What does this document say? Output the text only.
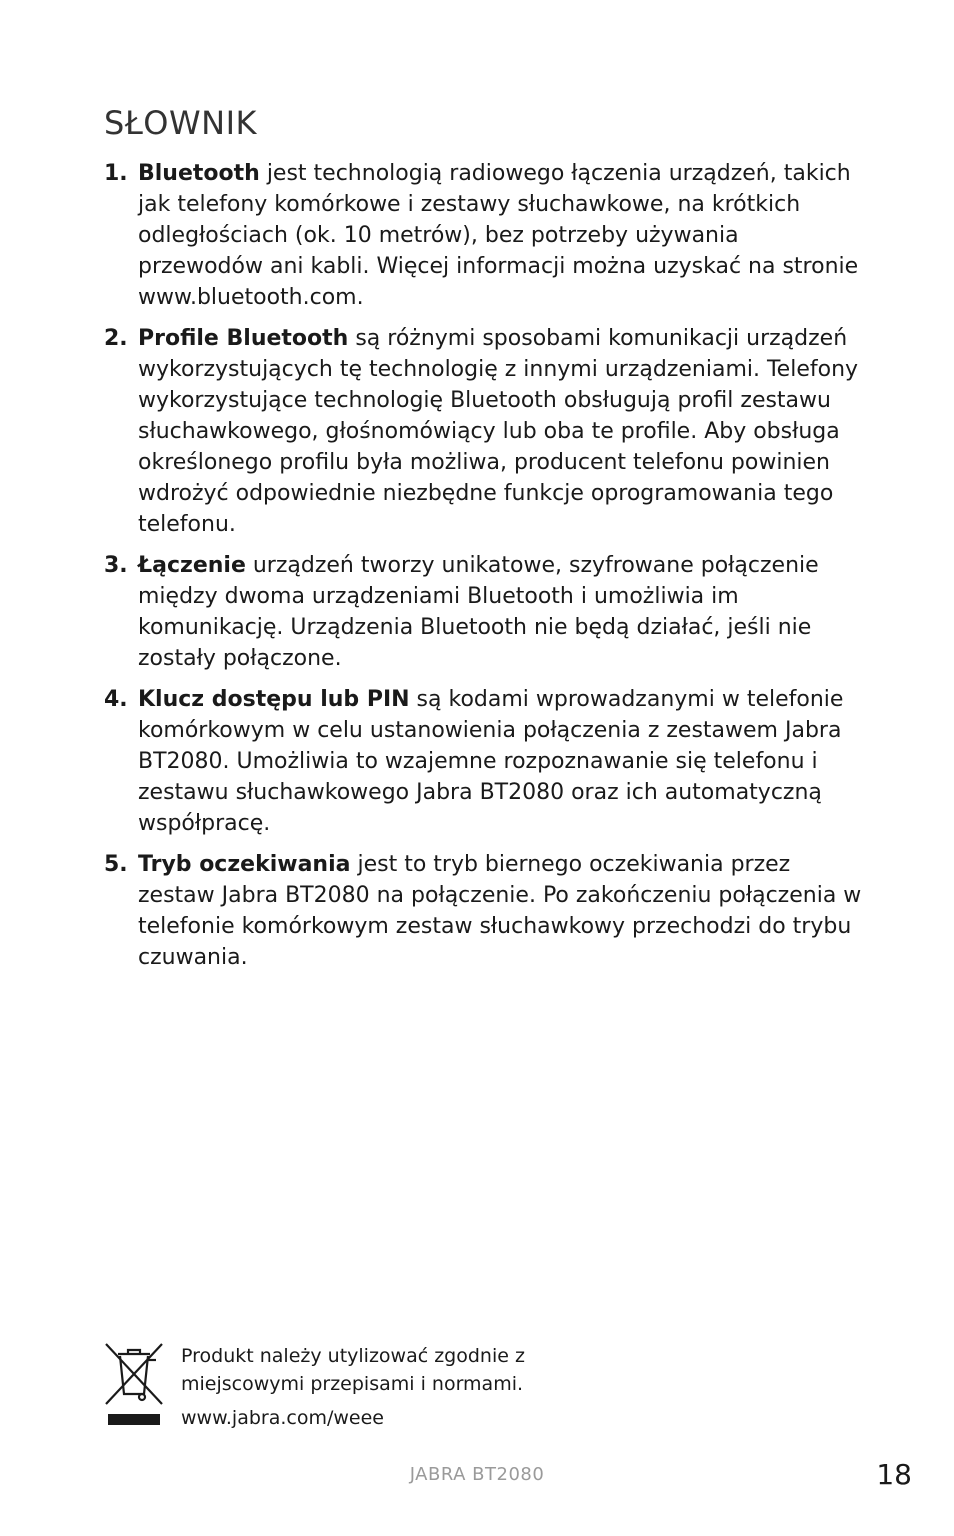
SŁOWNIK
1. Bluetooth jest technologią radiowego łączenia urządzeń, takich jak telefony komórkowe i zestawy słuchawkowe, na krótkich odległościach (ok. 10 metrów), bez potrzeby używania przewodów ani kabli. Więcej informacji można uzyskać na stronie www.bluetooth.com.
2. Profile Bluetooth są różnymi sposobami komunikacji urządzeń wykorzystujących tę technologię z innymi urządzeniami. Telefony wykorzystujące technologię Bluetooth obsługują profil zestawu słuchawkowego, głośnomówiący lub oba te profile. Aby obsługa określonego profilu była możliwa, producent telefonu powinien wdrożyć odpowiednie niezbędne funkcje oprogramowania tego telefonu.
3. Łączenie urządzeń tworzy unikatowe, szyfrowane połączenie między dwoma urządzeniami Bluetooth i umożliwia im komunikację. Urządzenia Bluetooth nie będą działać, jeśli nie zostały połączone.
4. Klucz dostępu lub PIN są kodami wprowadzanymi w telefonie komórkowym w celu ustanowienia połączenia z zestawem Jabra BT2080. Umożliwia to wzajemne rozpoznawanie się telefonu i zestawu słuchawkowego Jabra BT2080 oraz ich automatyczną współpracę.
5. Tryb oczekiwania jest to tryb biernego oczekiwania przez zestaw Jabra BT2080 na połączenie. Po zakończeniu połączenia w telefonie komórkowym zestaw słuchawkowy przechodzi do trybu czuwania.
Produkt należy utylizować zgodnie z
miejscowymi przepisami i normami.
www.jabra.com/weee
JABRA BT2080	18
